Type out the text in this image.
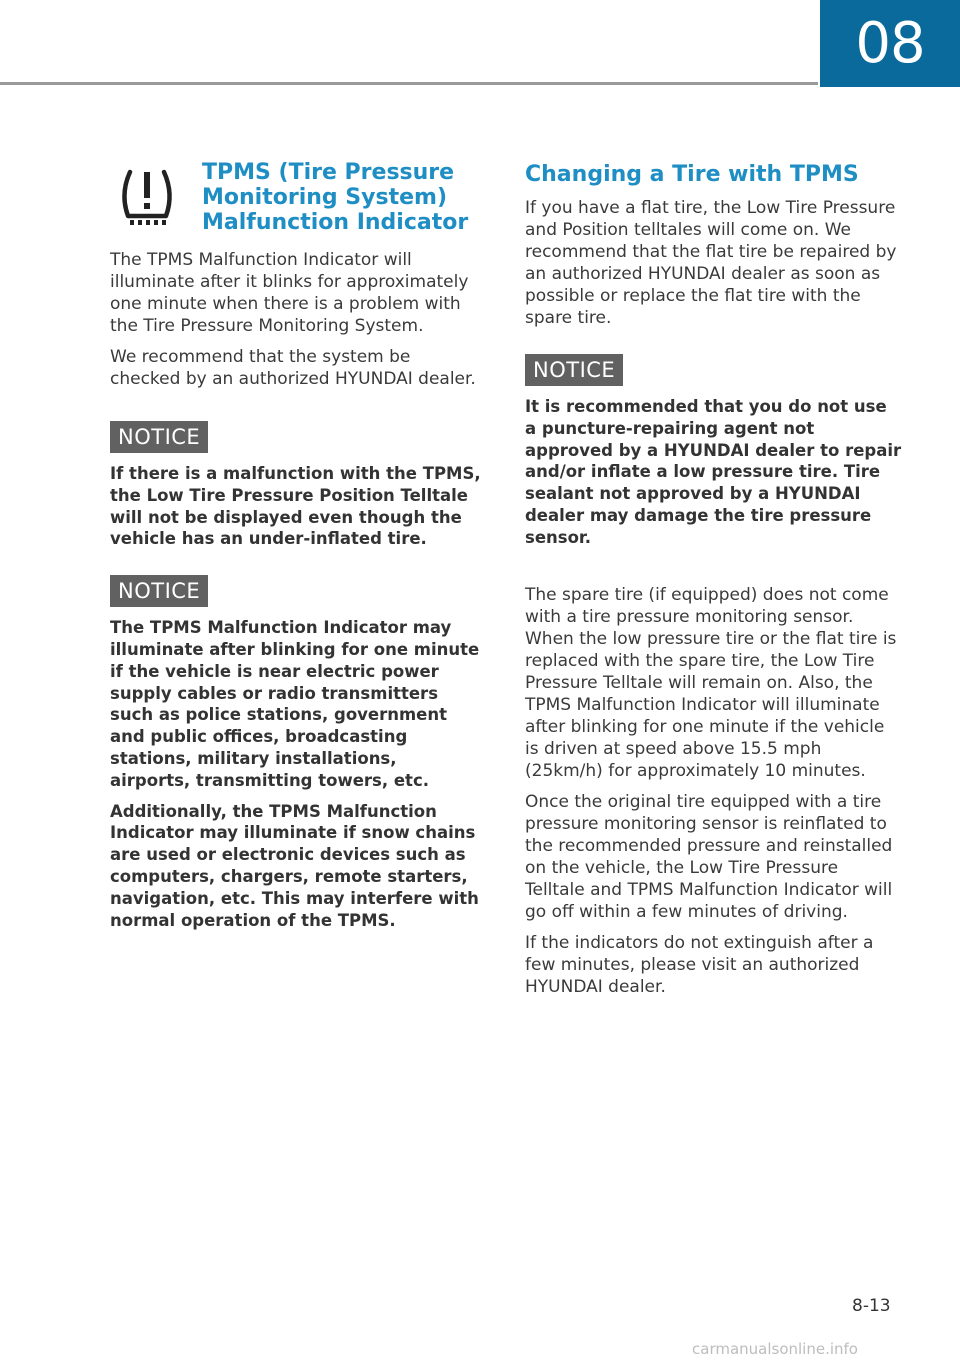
08
TPMS (Tire Pressure
Monitoring System)
Malfunction Indicator

The TPMS Malfunction Indicator will illuminate after it blinks for approximately one minute when there is a problem with the Tire Pressure Monitoring System.

We recommend that the system be checked by an authorized HYUNDAI dealer.

NOTICE

If there is a malfunction with the TPMS, the Low Tire Pressure Position Telltale will not be displayed even though the vehicle has an under-inflated tire.

NOTICE

The TPMS Malfunction Indicator may illuminate after blinking for one minute if the vehicle is near electric power supply cables or radio transmitters such as police stations, government and public offices, broadcasting stations, military installations, airports, transmitting towers, etc.

Additionally, the TPMS Malfunction Indicator may illuminate if snow chains are used or electronic devices such as computers, chargers, remote starters, navigation, etc. This may interfere with normal operation of the TPMS.

Changing a Tire with TPMS

If you have a flat tire, the Low Tire Pressure and Position telltales will come on. We recommend that the flat tire be repaired by an authorized HYUNDAI dealer as soon as possible or replace the flat tire with the spare tire.

NOTICE

It is recommended that you do not use a puncture-repairing agent not approved by a HYUNDAI dealer to repair and/or inflate a low pressure tire. Tire sealant not approved by a HYUNDAI dealer may damage the tire pressure sensor.

The spare tire (if equipped) does not come with a tire pressure monitoring sensor. When the low pressure tire or the flat tire is replaced with the spare tire, the Low Tire Pressure Telltale will remain on. Also, the TPMS Malfunction Indicator will illuminate after blinking for one minute if the vehicle is driven at speed above 15.5 mph (25km/h) for approximately 10 minutes.

Once the original tire equipped with a tire pressure monitoring sensor is reinflated to the recommended pressure and reinstalled on the vehicle, the Low Tire Pressure Telltale and TPMS Malfunction Indicator will go off within a few minutes of driving.

If the indicators do not extinguish after a few minutes, please visit an authorized HYUNDAI dealer.

8-13
carmanualsonline.info
